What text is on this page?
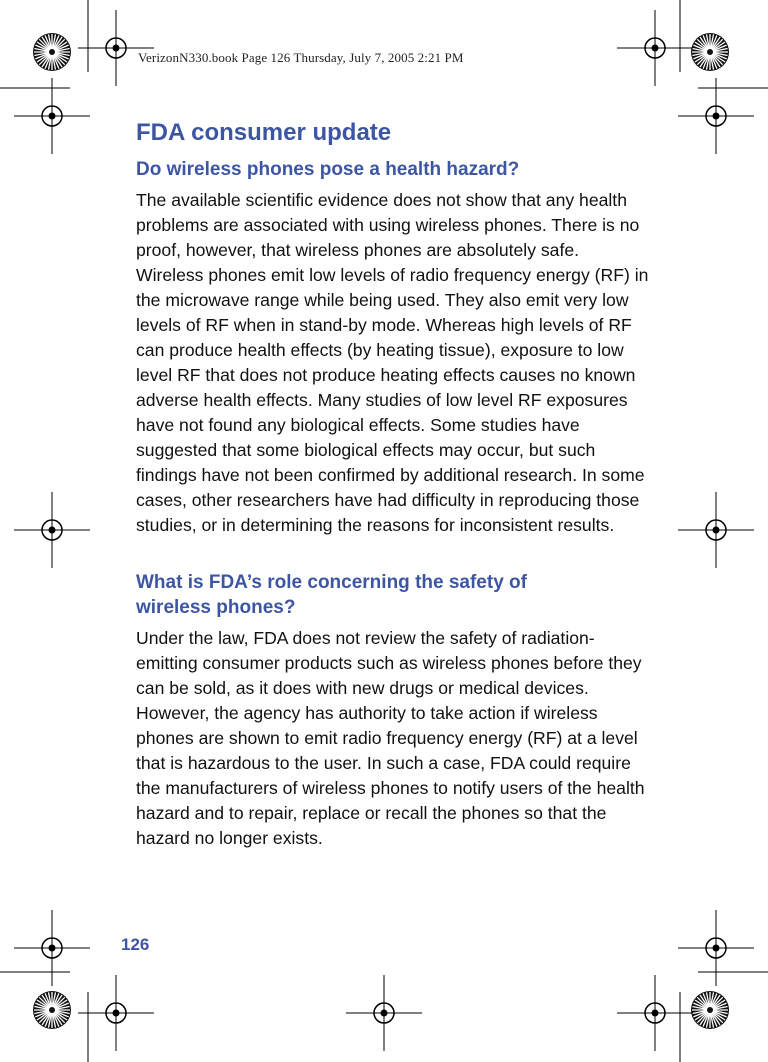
VerizonN330.book Page 126 Thursday, July 7, 2005 2:21 PM
FDA consumer update
Do wireless phones pose a health hazard?

The available scientific evidence does not show that any health problems are associated with using wireless phones. There is no proof, however, that wireless phones are absolutely safe. Wireless phones emit low levels of radio frequency energy (RF) in the microwave range while being used. They also emit very low levels of RF when in stand-by mode. Whereas high levels of RF can produce health effects (by heating tissue), exposure to low level RF that does not produce heating effects causes no known adverse health effects. Many studies of low level RF exposures have not found any biological effects. Some studies have suggested that some biological effects may occur, but such findings have not been confirmed by additional research. In some cases, other researchers have had difficulty in reproducing those studies, or in determining the reasons for inconsistent results.

What is FDA’s role concerning the safety of wireless phones?

Under the law, FDA does not review the safety of radiation-emitting consumer products such as wireless phones before they can be sold, as it does with new drugs or medical devices. However, the agency has authority to take action if wireless phones are shown to emit radio frequency energy (RF) at a level that is hazardous to the user. In such a case, FDA could require the manufacturers of wireless phones to notify users of the health hazard and to repair, replace or recall the phones so that the hazard no longer exists.

126
